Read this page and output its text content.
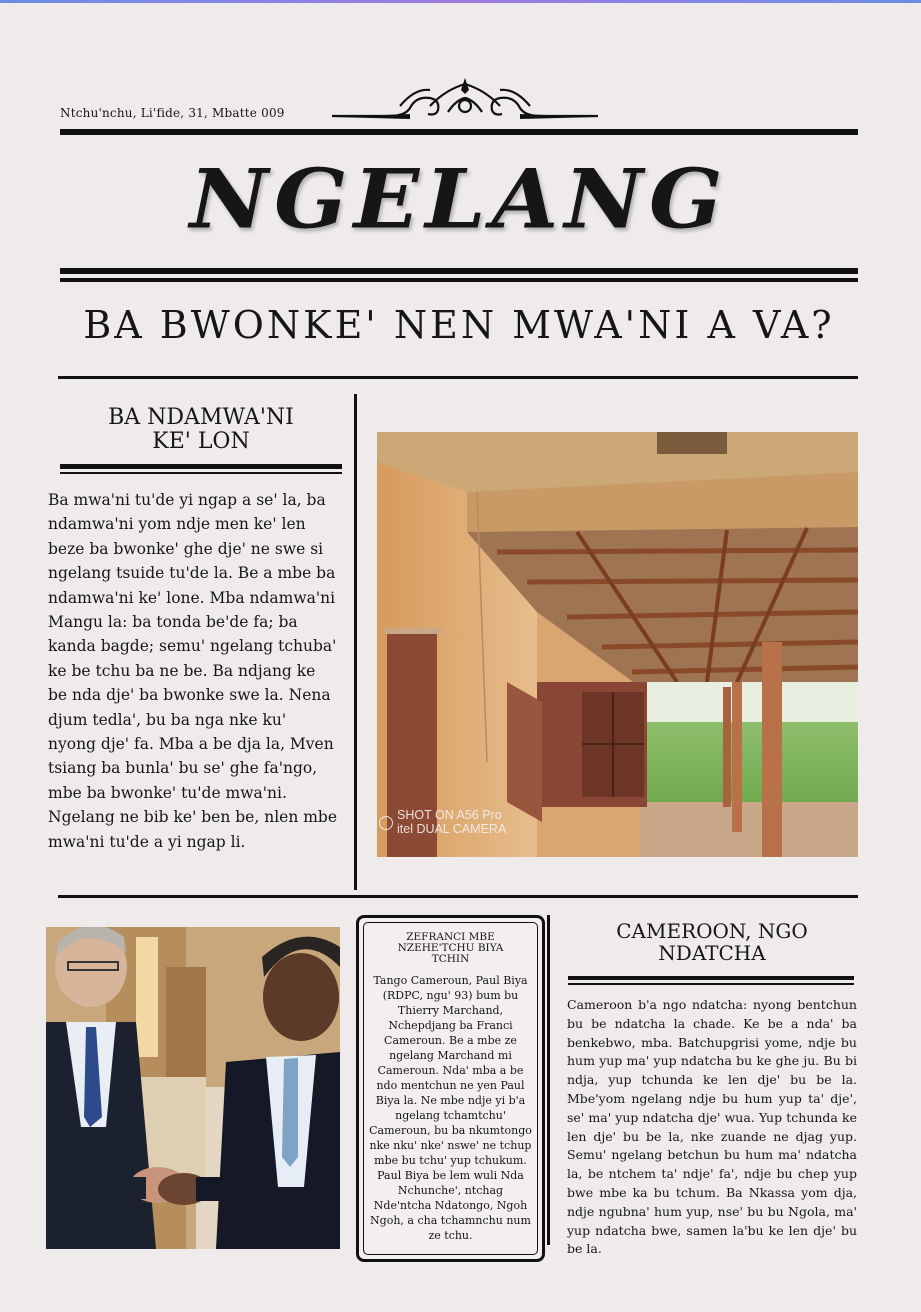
Ntchu'nchu, Li'fide, 31, Mbatte 009
NGELANG
BA BWONKE' NEN MWA'NI A VA?
BA NDAMWA'NI
KE' LON
Ba mwa'ni tu'de yi ngap a se' la, ba ndamwa'ni yom ndje men ke' len beze ba bwonke' ghe dje' ne swe si ngelang tsuide tu'de la. Be a mbe ba ndamwa'ni ke' lone. Mba ndamwa'ni Mangu la: ba tonda be'de fa; ba kanda bagde; semu' ngelang tchuba' ke be tchu ba ne be. Ba ndjang ke be nda dje' ba bwonke swe la. Nena djum tedla', bu ba nga nke ku' nyong dje' fa. Mba a be dja la, Mven tsiang ba bunla' bu se' ghe fa'ngo, mbe ba bwonke' tu'de mwa'ni. Ngelang ne bib ke' ben be, nlen mbe mwa'ni tu'de a yi ngap li.
SHOT ON A56 Pro
itel DUAL CAMERA
ZEFRANCI MBE
NZEHE'TCHU BIYA
TCHIN
Tango Cameroun, Paul Biya (RDPC, ngu' 93) bum bu Thierry Marchand, Nchepdjang ba Franci Cameroun. Be a mbe ze ngelang Marchand mi Cameroun. Nda' mba a be ndo mentchun ne yen Paul Biya la. Ne mbe ndje yi b'a ngelang tchamtchu' Cameroun, bu ba nkumtongo nke nku' nke' nswe' ne tchup mbe bu tchu' yup tchukum. Paul Biya be lem wuli Nda Nchunche', ntchag Nde'ntcha Ndatongo, Ngoh Ngoh, a cha tchamnchu num ze tchu.
CAMEROON, NGO
NDATCHA
Cameroon b'a ngo ndatcha: nyong bentchun bu be ndatcha la chade. Ke be a nda' ba benkebwo, mba. Batchupgrisi yome, ndje bu hum yup ma' yup ndatcha bu ke ghe ju. Bu bi ndja, yup tchunda ke len dje' bu be la. Mbe'yom ngelang ndje bu hum yup ta' dje', se' ma' yup ndatcha dje' wua. Yup tchunda ke len dje' bu be la, nke zuande ne djag yup. Semu' ngelang betchun bu hum ma' ndatcha la, be ntchem ta' ndje' fa', ndje bu chep yup bwe mbe ka bu tchum. Ba Nkassa yom dja, ndje ngubna' hum yup, nse' bu bu Ngola, ma' yup ndatcha bwe, samen la'bu ke len dje' bu be la.
